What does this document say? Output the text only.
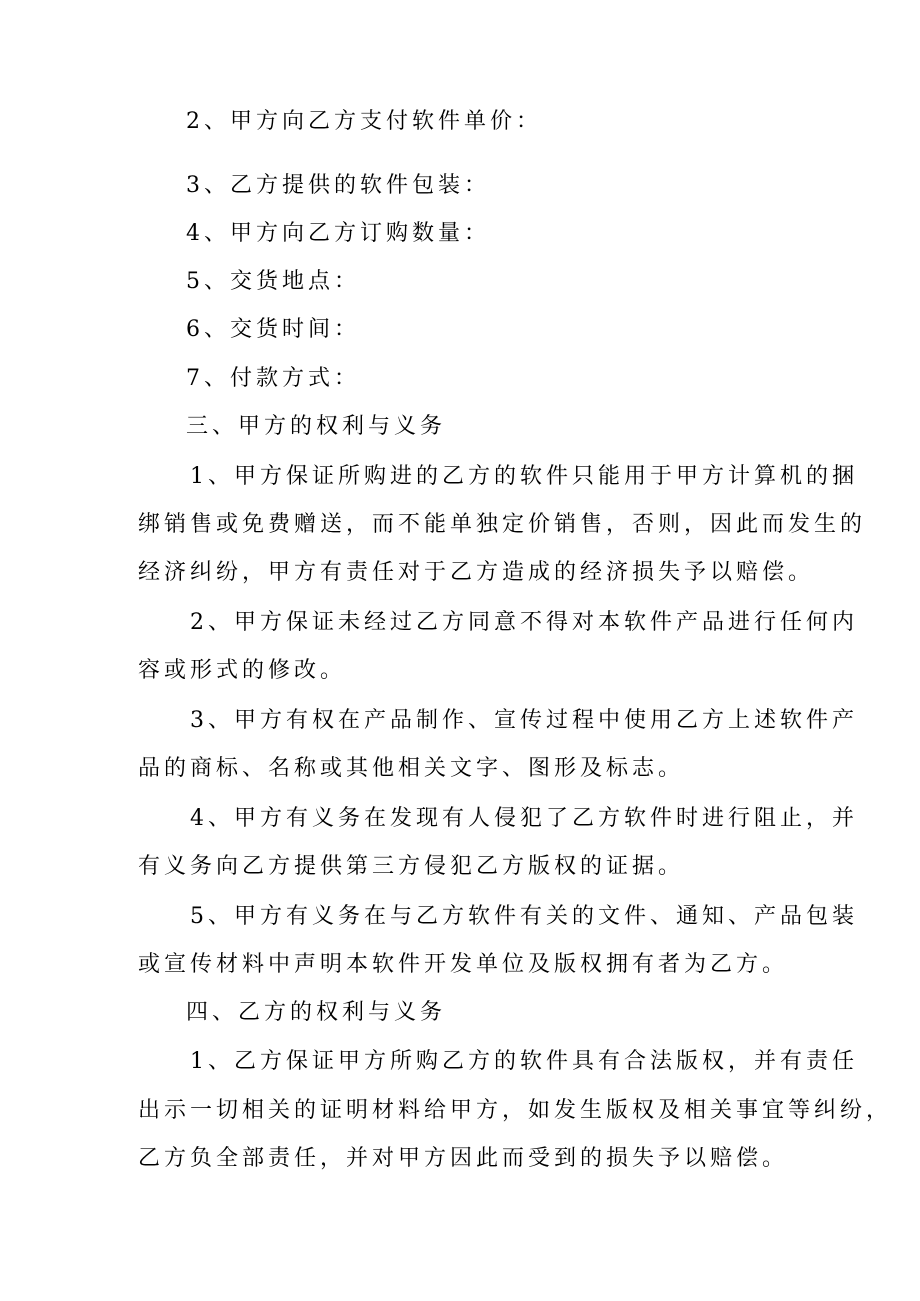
2、甲方向乙方支付软件单价：
3、乙方提供的软件包装：
4、甲方向乙方订购数量：
5、交货地点：
6、交货时间：
7、付款方式：
三、甲方的权利与义务
1、甲方保证所购进的乙方的软件只能用于甲方计算机的捆
绑销售或免费赠送，而不能单独定价销售，否则，因此而发生的
经济纠纷，甲方有责任对于乙方造成的经济损失予以赔偿。
2、甲方保证未经过乙方同意不得对本软件产品进行任何内
容或形式的修改。
3、甲方有权在产品制作、宣传过程中使用乙方上述软件产
品的商标、名称或其他相关文字、图形及标志。
4、甲方有义务在发现有人侵犯了乙方软件时进行阻止，并
有义务向乙方提供第三方侵犯乙方版权的证据。
5、甲方有义务在与乙方软件有关的文件、通知、产品包装
或宣传材料中声明本软件开发单位及版权拥有者为乙方。
四、乙方的权利与义务
1、乙方保证甲方所购乙方的软件具有合法版权，并有责任
出示一切相关的证明材料给甲方，如发生版权及相关事宜等纠纷，
乙方负全部责任，并对甲方因此而受到的损失予以赔偿。
